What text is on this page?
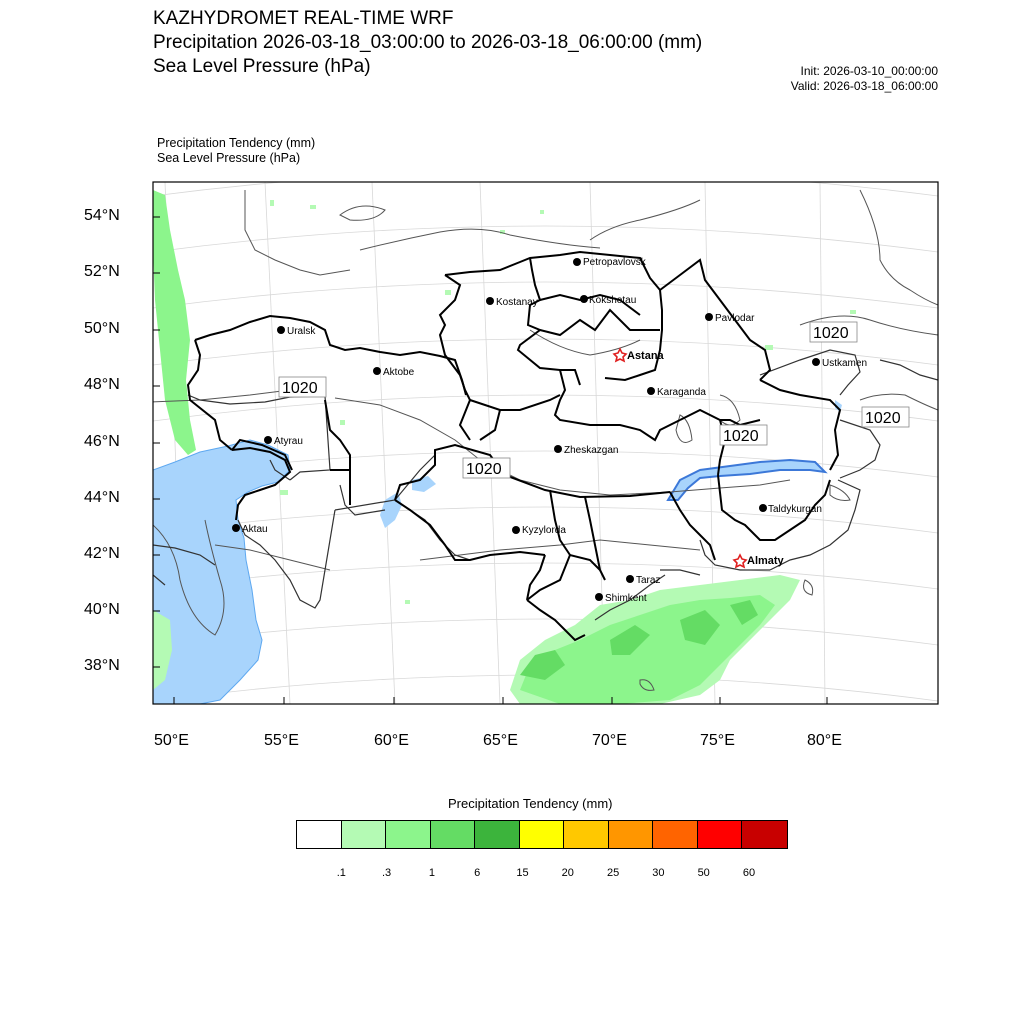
KAZHYDROMET REAL-TIME WRF
Precipitation 2026-03-18_03:00:00 to 2026-03-18_06:00:00 (mm)
Sea Level Pressure (hPa)	Init: 2026-03-10_00:00:00
Valid: 2026-03-18_06:00:00
Precipitation Tendency (mm)
Sea Level Pressure (hPa)
Petropavlovsk
Kostanay	Kokshetau
Pavlodar
Uralsk
Astana
Aktobe
Ustkamen
Karaganda
Atyrau
Zheskazgan
Taldykurgan
Aktau	Kyzylorda
Almaty
Taraz
Shimkent
1020
1020
1020
1020
1020
54°N
52°N
50°N
48°N
46°N
44°N
42°N
40°N
38°N
50°E	55°E	60°E	65°E	70°E	75°E	80°E
Precipitation Tendency (mm)
.1	.3	1	6	15	20	25	30	50	60
